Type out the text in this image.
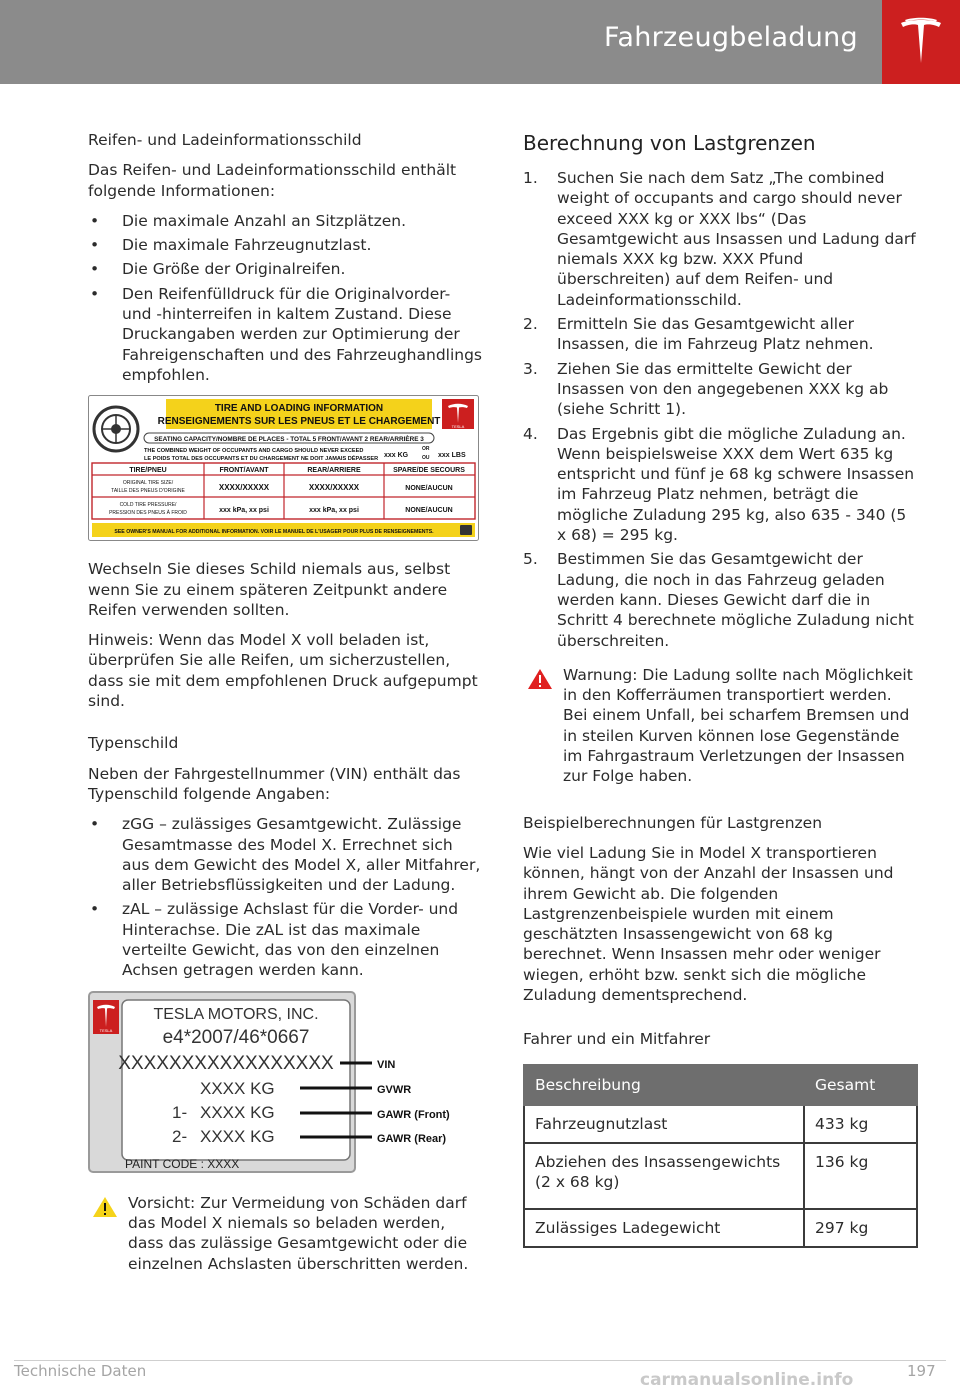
Fahrzeugbeladung

Reifen- und Ladeinformationsschild

Das Reifen- und Ladeinformationsschild enthält folgende Informationen:

• Die maximale Anzahl an Sitzplätzen.
• Die maximale Fahrzeugnutzlast.
• Die Größe der Originalreifen.
• Den Reifenfülldruck für die Originalvorder- und -hinterreifen in kaltem Zustand. Diese Druckangaben werden zur Optimierung der Fahreigenschaften und des Fahrzeughandlings empfohlen.
TIRE AND LOADING INFORMATION
RENSEIGNEMENTS SUR LES PNEUS ET LE CHARGEMENT	TESLA
SEATING CAPACITY/NOMBRE DE PLACES - TOTAL 5 FRONT/AVANT 2 REAR/ARRIÈRE 3
THE COMBINED WEIGHT OF OCCUPANTS AND CARGO SHOULD NEVER EXCEED
LE POIDS TOTAL DES OCCUPANTS ET DU CHARGEMENT NE DOIT JAMAIS DÉPASSER xxx KG
OR
OU xxx LBS
TIRE/PNEU	FRONT/AVANT	REAR/ARRIERE	SPARE/DE SECOURS
ORIGINAL TIRE SIZE/
TAILLE DES PNEUS D'ORIGINE	XXXX/XXXXX	XXXX/XXXXX	NONE/AUCUN
COLD TIRE PRESSURE/
PRESSION DES PNEUS À FROID	xxx kPa, xx psi	xxx kPa, xx psi	NONE/AUCUN
SEE OWNER'S MANUAL FOR ADDITIONAL INFORMATION. VOIR LE MANUEL DE L'USAGER POUR PLUS DE RENSEIGNEMENTS.

Wechseln Sie dieses Schild niemals aus, selbst wenn Sie zu einem späteren Zeitpunkt andere Reifen verwenden sollten.

Hinweis: Wenn das Model X voll beladen ist, überprüfen Sie alle Reifen, um sicherzustellen, dass sie mit dem empfohlenen Druck aufgepumpt sind.

Typenschild

Neben der Fahrgestellnummer (VIN) enthält das Typenschild folgende Angaben:

• zGG – zulässiges Gesamtgewicht. Zulässige Gesamtmasse des Model X. Errechnet sich aus dem Gewicht des Model X, aller Mitfahrer, aller Betriebsflüssigkeiten und der Ladung.
• zAL – zulässige Achslast für die Vorder- und Hinterachse. Die zAL ist das maximale verteilte Gewicht, das von den einzelnen Achsen getragen werden kann.
TESLA
TESLA MOTORS, INC.
e4*2007/46*0667
XXXXXXXXXXXXXXXXX
XXXX KG
1- XXXX KG
2- XXXX KG
PAINT CODE : XXXX
VIN
GVWR
GAWR (Front)
GAWR (Rear)
Vorsicht: Zur Vermeidung von Schäden darf das Model X niemals so beladen werden, dass das zulässige Gesamtgewicht oder die einzelnen Achslasten überschritten werden.
Berechnung von Lastgrenzen
1. Suchen Sie nach dem Satz „The combined weight of occupants and cargo should never exceed XXX kg or XXX lbs“ (Das Gesamtgewicht aus Insassen und Ladung darf niemals XXX kg bzw. XXX Pfund überschreiten) auf dem Reifen- und Ladeinformationsschild.
2. Ermitteln Sie das Gesamtgewicht aller Insassen, die im Fahrzeug Platz nehmen.
3. Ziehen Sie das ermittelte Gewicht der Insassen von den angegebenen XXX kg ab (siehe Schritt 1).
4. Das Ergebnis gibt die mögliche Zuladung an. Wenn beispielsweise XXX dem Wert 635 kg entspricht und fünf je 68 kg schwere Insassen im Fahrzeug Platz nehmen, beträgt die mögliche Zuladung 295 kg, also 635 - 340 (5 x 68) = 295 kg.
5. Bestimmen Sie das Gesamtgewicht der Ladung, die noch in das Fahrzeug geladen werden kann. Dieses Gewicht darf die in Schritt 4 berechnete mögliche Zuladung nicht überschreiten.
Warnung: Die Ladung sollte nach Möglichkeit in den Kofferräumen transportiert werden. Bei einem Unfall, bei scharfem Bremsen und in steilen Kurven können lose Gegenstände im Fahrgastraum Verletzungen der Insassen zur Folge haben.

Beispielberechnungen für Lastgrenzen

Wie viel Ladung Sie in Model X transportieren können, hängt von der Anzahl der Insassen und ihrem Gewicht ab. Die folgenden Lastgrenzenbeispiele wurden mit einem geschätzten Insassengewicht von 68 kg berechnet. Wenn Insassen mehr oder weniger wiegen, erhöht bzw. senkt sich die mögliche Zuladung dementsprechend.

Fahrer und ein Mitfahrer

Beschreibung	Gesamt
Fahrzeugnutzlast	433 kg
Abziehen des Insassengewichts (2 x 68 kg)	136 kg
Zulässiges Ladegewicht	297 kg
Technische Daten	197
carmanualsonline.info
